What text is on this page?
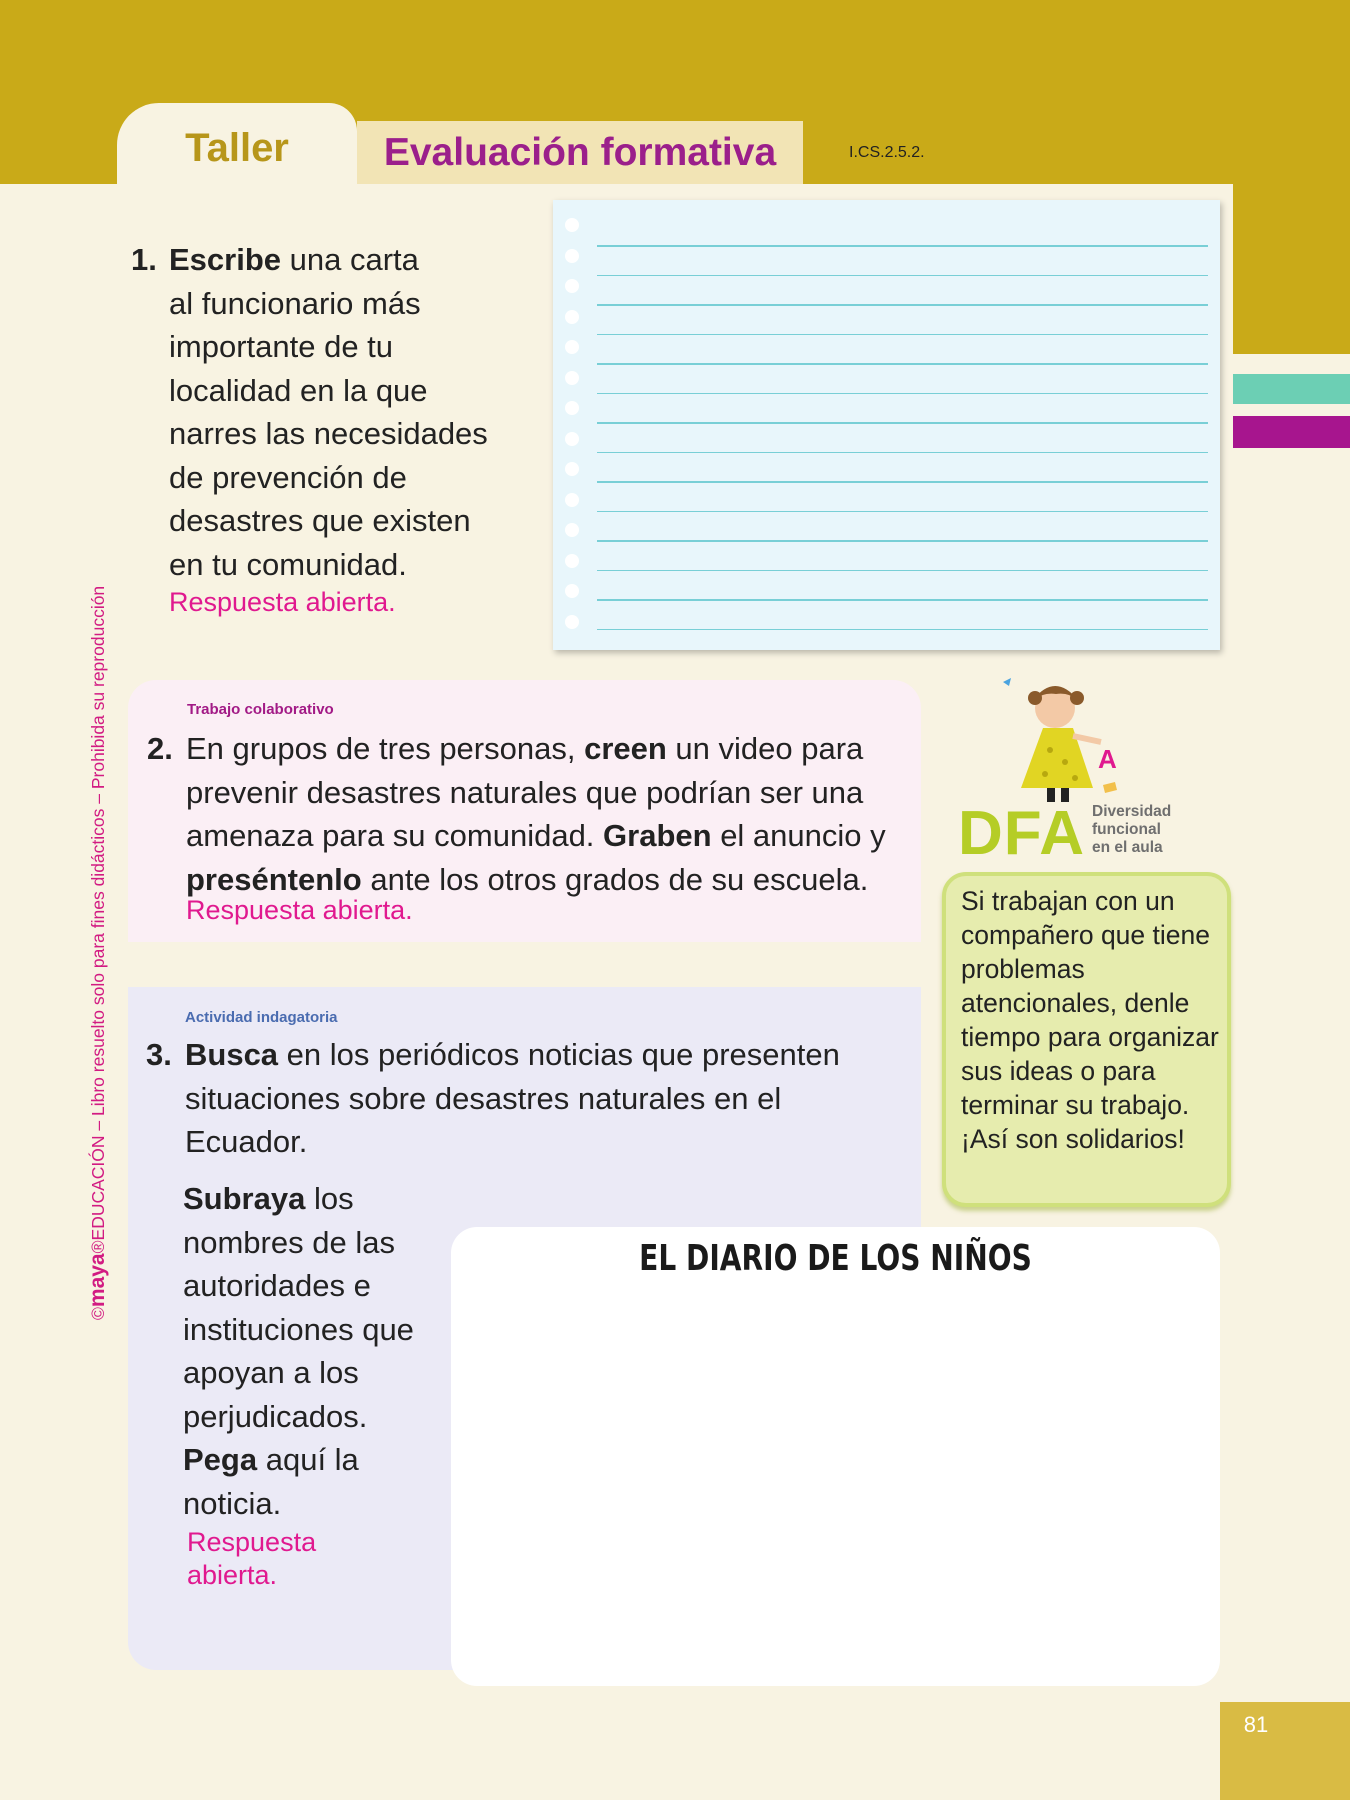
Taller	Evaluación formativa	I.CS.2.5.2.
1. Escribe una carta
al funcionario más
importante de tu
localidad en la que
narres las necesidades
de prevención de
desastres que existen
en tu comunidad.
Respuesta abierta.
Trabajo colaborativo
2. En grupos de tres personas, creen un video para prevenir desastres naturales que podrían ser una amenaza para su comunidad. Graben el anuncio y preséntenlo ante los otros grados de su escuela.
Respuesta abierta.
Actividad indagatoria
3. Busca en los periódicos noticias que presenten situaciones sobre desastres naturales en el Ecuador.
Subraya los nombres de las autoridades e instituciones que apoyan a los perjudicados.
Pega aquí la noticia.
Respuesta abierta.
EL DIARIO DE LOS NIÑOS
A
DFA Diversidad
funcional
en el aula
Si trabajan con un compañero que tiene problemas atencionales, denle tiempo para organizar sus ideas o para terminar su trabajo. ¡Así son solidarios!
©maya®EDUCACIÓN – Libro resuelto solo para fines didácticos – Prohibida su reproducción
81
